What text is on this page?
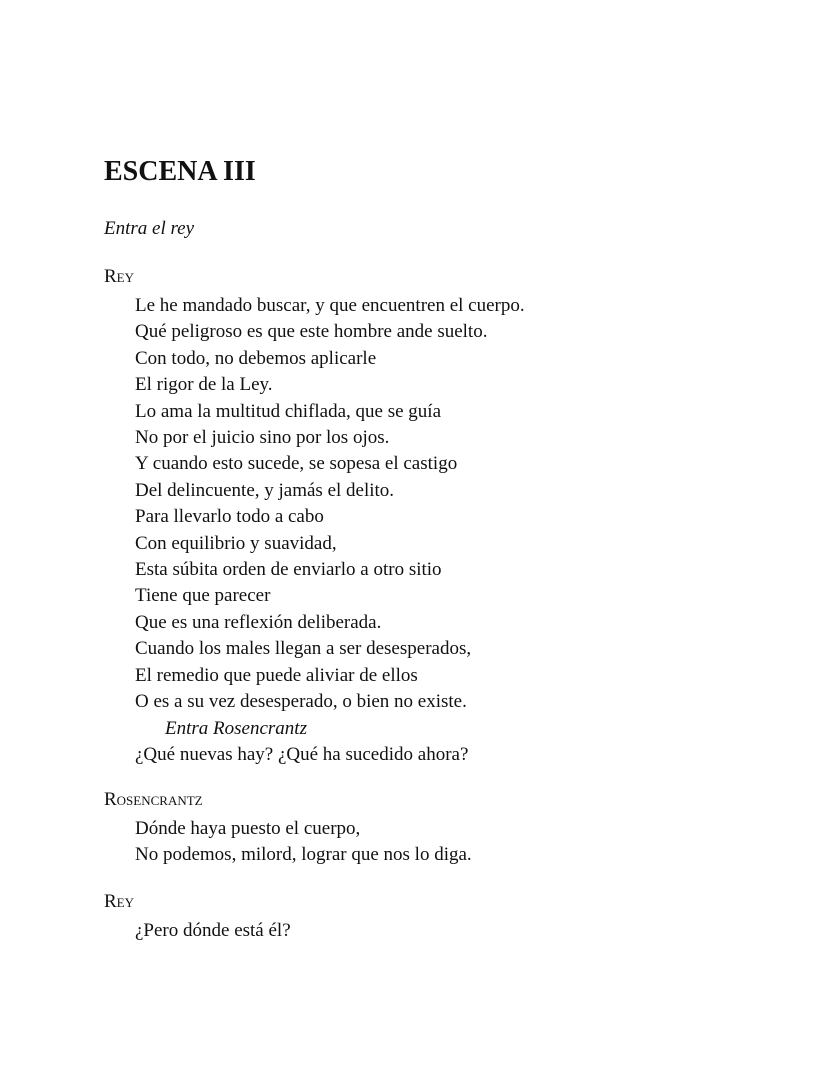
ESCENA III
Entra el rey
Rey
Le he mandado buscar, y que encuentren el cuerpo.
Qué peligroso es que este hombre ande suelto.
Con todo, no debemos aplicarle
El rigor de la Ley.
Lo ama la multitud chiflada, que se guía
No por el juicio sino por los ojos.
Y cuando esto sucede, se sopesa el castigo
Del delincuente, y jamás el delito.
Para llevarlo todo a cabo
Con equilibrio y suavidad,
Esta súbita orden de enviarlo a otro sitio
Tiene que parecer
Que es una reflexión deliberada.
Cuando los males llegan a ser desesperados,
El remedio que puede aliviar de ellos
O es a su vez desesperado, o bien no existe.
Entra Rosencrantz
¿Qué nuevas hay? ¿Qué ha sucedido ahora?
Rosencrantz
Dónde haya puesto el cuerpo,
No podemos, milord, lograr que nos lo diga.
Rey
¿Pero dónde está él?
